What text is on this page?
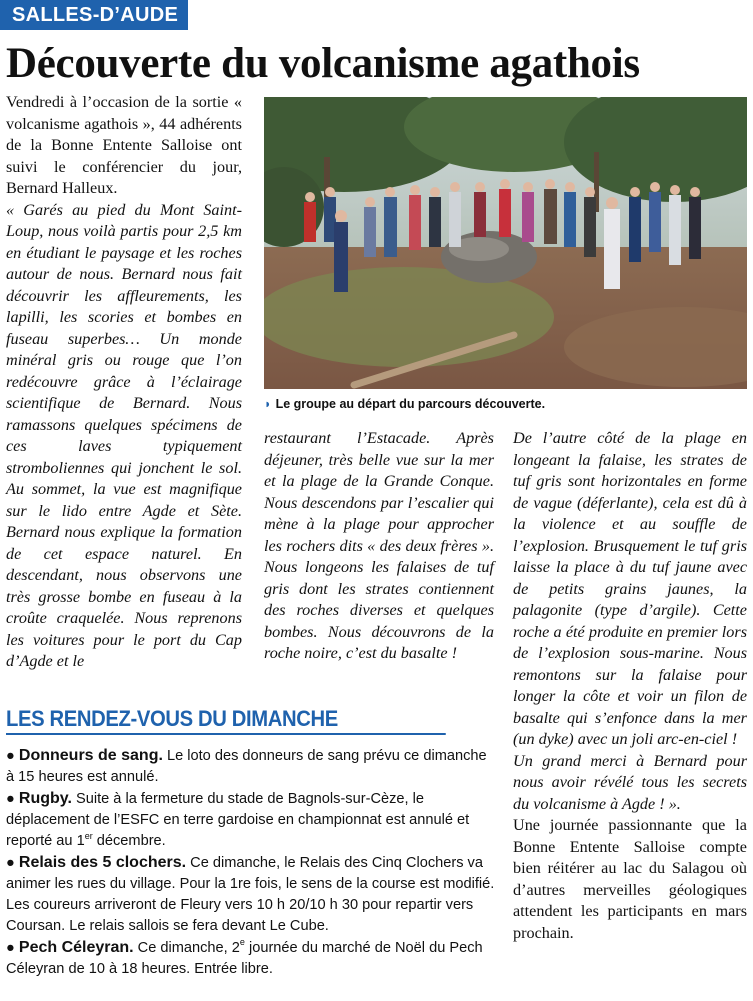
SALLES-D’AUDE
Découverte du volcanisme agathois

Vendredi à l’occasion de la sortie « volcanisme agathois », 44 adhérents de la Bonne Entente Salloise ont suivi le conférencier du jour, Bernard Halleux.

« Garés au pied du Mont Saint-Loup, nous voilà partis pour 2,5 km en étudiant le paysage et les roches autour de nous. Bernard nous fait découvrir les affleurements, les lapilli, les scories et bombes en fuseau superbes… Un monde minéral gris ou rouge que l’on redécouvre grâce à l’éclairage scientifique de Bernard. Nous ramassons quelques spécimens de ces laves typiquement stromboliennes qui jonchent le sol. Au sommet, la vue est magnifique sur le lido entre Agde et Sète. Bernard nous explique la formation de cet espace naturel. En descendant, nous observons une très grosse bombe en fuseau à la croûte craquelée. Nous reprenons les voitures pour le port du Cap d’Agde et le

◗ Le groupe au départ du parcours découverte.

restaurant l’Estacade. Après déjeuner, très belle vue sur la mer et la plage de la Grande Conque. Nous descendons par l’escalier qui mène à la plage pour approcher les rochers dits « des deux frères ». Nous longeons les falaises de tuf gris dont les strates contiennent des roches diverses et quelques bombes. Nous découvrons de la roche noire, c’est du basalte !

De l’autre côté de la plage en longeant la falaise, les strates de tuf gris sont horizontales en forme de vague (déferlante), cela est dû à la violence et au souffle de l’explosion. Brusquement le tuf gris laisse la place à du tuf jaune avec de petits grains jaunes, la palagonite (type d’argile). Cette roche a été produite en premier lors de l’explosion sous-marine. Nous remontons sur la falaise pour longer la côte et voir un filon de basalte qui s’enfonce dans la mer (un dyke) avec un joli arc-en-ciel !

Un grand merci à Bernard pour nous avoir révélé tous les secrets du volcanisme à Agde ! ».

Une journée passionnante que la Bonne Entente Salloise compte bien réitérer au lac du Salagou où d’autres merveilles géologiques attendent les participants en mars prochain.

LES RENDEZ-VOUS DU DIMANCHE

● Donneurs de sang. Le loto des donneurs de sang prévu ce dimanche à 15 heures est annulé.

● Rugby. Suite à la fermeture du stade de Bagnols-sur-Cèze, le déplacement de l’ESFC en terre gardoise en championnat est annulé et reporté au 1er décembre.

● Relais des 5 clochers. Ce dimanche, le Relais des Cinq Clochers va animer les rues du village. Pour la 1re fois, le sens de la course est modifié. Les coureurs arriveront de Fleury vers 10 h 20/10 h 30 pour repartir vers Coursan. Le relais sallois se fera devant Le Cube.

● Pech Céleyran. Ce dimanche, 2e journée du marché de Noël du Pech Céleyran de 10 à 18 heures. Entrée libre.
